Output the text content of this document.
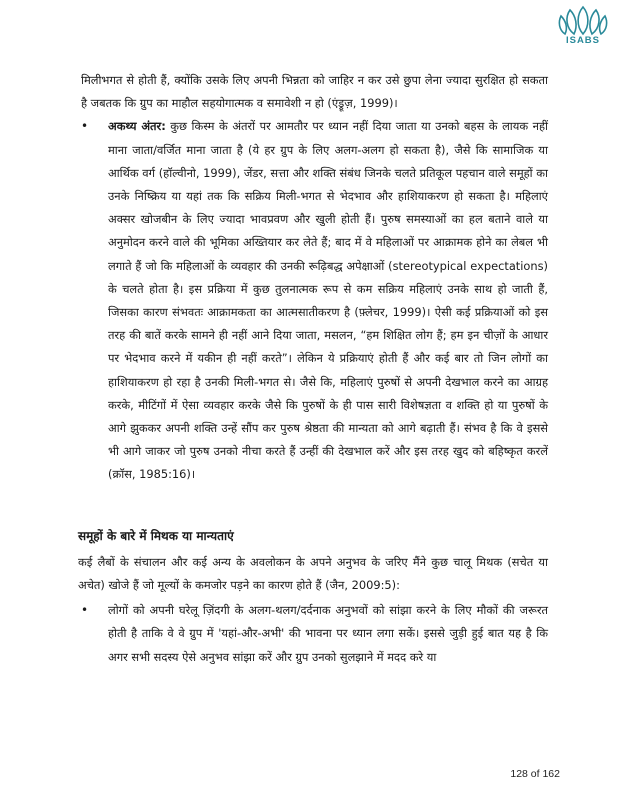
ISABS

मिलीभगत से होती हैं, क्योंकि उसके लिए अपनी भिन्नता को जाहिर न कर उसे छुपा लेना ज्यादा सुरक्षित हो सकता है जबतक कि ग्रुप का माहौल सहयोगात्मक व समावेशी न हो (एंड्रूज़, 1999)।

• अकथ्य अंतर: कुछ किस्म के अंतरों पर आमतौर पर ध्यान नहीं दिया जाता या उनको बहस के लायक नहीं माना जाता/वर्जित माना जाता है (ये हर ग्रुप के लिए अलग-अलग हो सकता है), जैसे कि सामाजिक या आर्थिक वर्ग (हॉल्वीनो, 1999), जेंडर, सत्ता और शक्ति संबंध जिनके चलते प्रतिकूल पहचान वाले समूहों का उनके निष्क्रिय या यहां तक कि सक्रिय मिली-भगत से भेदभाव और हाशियाकरण हो सकता है। महिलाएं अक्सर खोजबीन के लिए ज्यादा भावप्रवण और खुली होती हैं। पुरुष समस्याओं का हल बताने वाले या अनुमोदन करने वाले की भूमिका अख्तियार कर लेते हैं; बाद में वे महिलाओं पर आक्रामक होने का लेबल भी लगाते हैं जो कि महिलाओं के व्यवहार की उनकी रूढ़िबद्ध अपेक्षाओं (stereotypical expectations) के चलते होता है। इस प्रक्रिया में कुछ तुलनात्मक रूप से कम सक्रिय महिलाएं उनके साथ हो जाती हैं, जिसका कारण संभवतः आक्रामकता का आत्मसातीकरण है (फ़्लेचर, 1999)। ऐसी कई प्रक्रियाओं को इस तरह की बातें करके सामने ही नहीं आने दिया जाता, मसलन, “हम शिक्षित लोग हैं; हम इन चीज़ों के आधार पर भेदभाव करने में यकीन ही नहीं करते”। लेकिन ये प्रक्रियाएं होती हैं और कई बार तो जिन लोगों का हाशियाकरण हो रहा है उनकी मिली-भगत से। जैसे कि, महिलाएं पुरुषों से अपनी देखभाल करने का आग्रह करके, मीटिंगों में ऐसा व्यवहार करके जैसे कि पुरुषों के ही पास सारी विशेषज्ञता व शक्ति हो या पुरुषों के आगे झुककर अपनी शक्ति उन्हें सौंप कर पुरुष श्रेष्ठता की मान्यता को आगे बढ़ाती हैं। संभव है कि वे इससे भी आगे जाकर जो पुरुष उनको नीचा करते हैं उन्हीं की देखभाल करें और इस तरह खुद को बहिष्कृत करलें (क्रॉस, 1985:16)।
समूहों के बारे में मिथक या मान्यताएं

कई लैबों के संचालन और कई अन्य के अवलोकन के अपने अनुभव के जरिए मैंने कुछ चालू मिथक (सचेत या अचेत) खोजे हैं जो मूल्यों के कमजोर पड़ने का कारण होते हैं (जैन, 2009:5):

• लोगों को अपनी घरेलू ज़िंदगी के अलग-थलग/दर्दनाक अनुभवों को सांझा करने के लिए मौकों की जरूरत होती है ताकि वे वे ग्रुप में 'यहां-और-अभी' की भावना पर ध्यान लगा सकें। इससे जुड़ी हुई बात यह है कि अगर सभी सदस्य ऐसे अनुभव सांझा करें और ग्रुप उनको सुलझाने में मदद करे या
128 of 162
